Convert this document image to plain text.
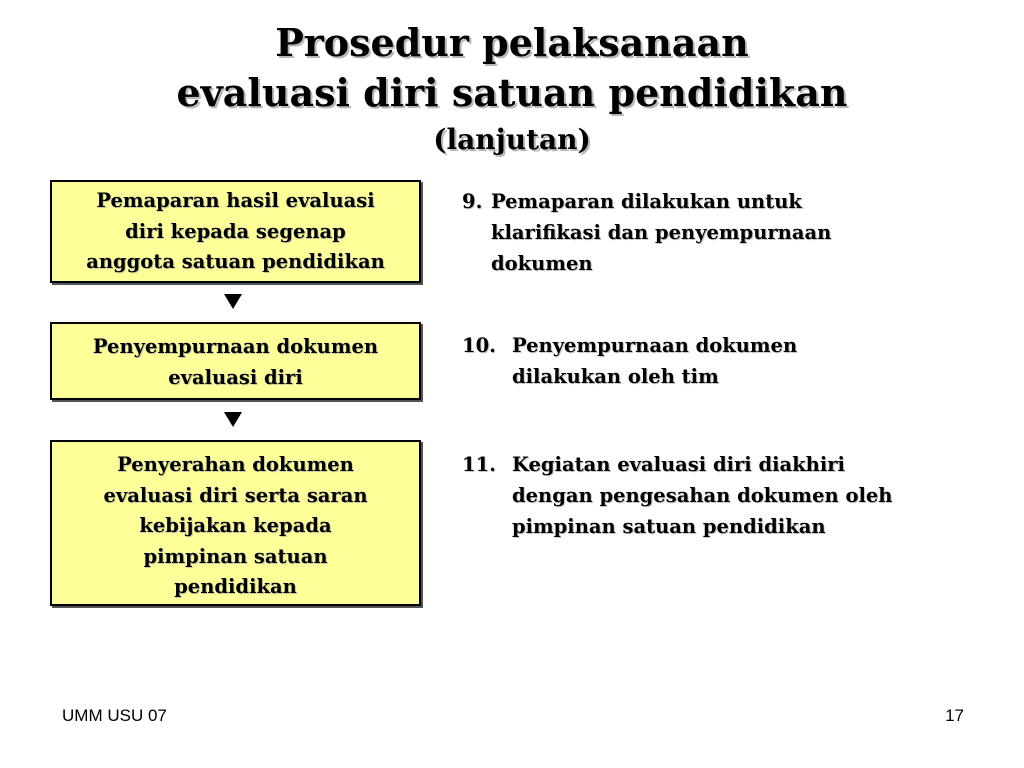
Prosedur pelaksanaan
evaluasi diri satuan pendidikan
(lanjutan)
Pemaparan hasil evaluasi
diri kepada segenap
anggota satuan pendidikan
Penyempurnaan dokumen
evaluasi diri
Penyerahan dokumen
evaluasi diri serta saran
kebijakan kepada
pimpinan satuan
pendidikan
9. Pemaparan dilakukan untuk
klarifikasi dan penyempurnaan
dokumen
10. Penyempurnaan dokumen
dilakukan oleh tim
11. Kegiatan evaluasi diri diakhiri
dengan pengesahan dokumen oleh
pimpinan satuan pendidikan
UMM USU 07	17
